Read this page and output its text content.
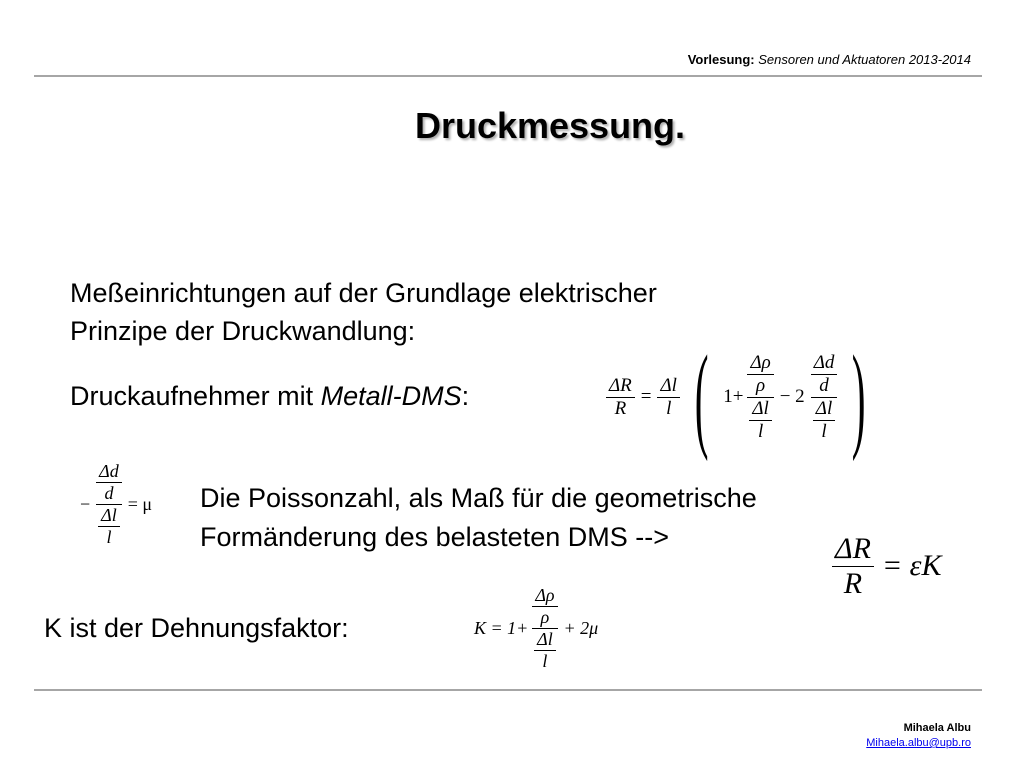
Vorlesung: Sensoren und Aktuatoren 2013-2014
Druckmessung.
Meßeinrichtungen auf der Grundlage elektrischer
Prinzipe der Druckwandlung:
Druckaufnehmer mit Metall-DMS:	$\frac{\Delta R}{R} = \frac{\Delta l}{l}$ ( $1+ \frac{\frac{\Delta\rho}{\rho}}{\frac{\Delta l}{l}} - 2 \frac{\frac{\Delta d}{d}}{\frac{\Delta l}{l}}$ )
− $\frac{\frac{\Delta d}{d}}{\frac{\Delta l}{l}} = \mu$ Die Poissonzahl, als Maß für die geometrische
Formänderung des belasteten DMS -->	$\frac{\Delta R}{R} = \varepsilon K$
K ist der Dehnungsfaktor:	$K = 1+ \frac{\frac{\Delta\rho}{\rho}}{\frac{\Delta l}{l}} + 2\mu$
Mihaela Albu
Mihaela.albu@upb.ro
